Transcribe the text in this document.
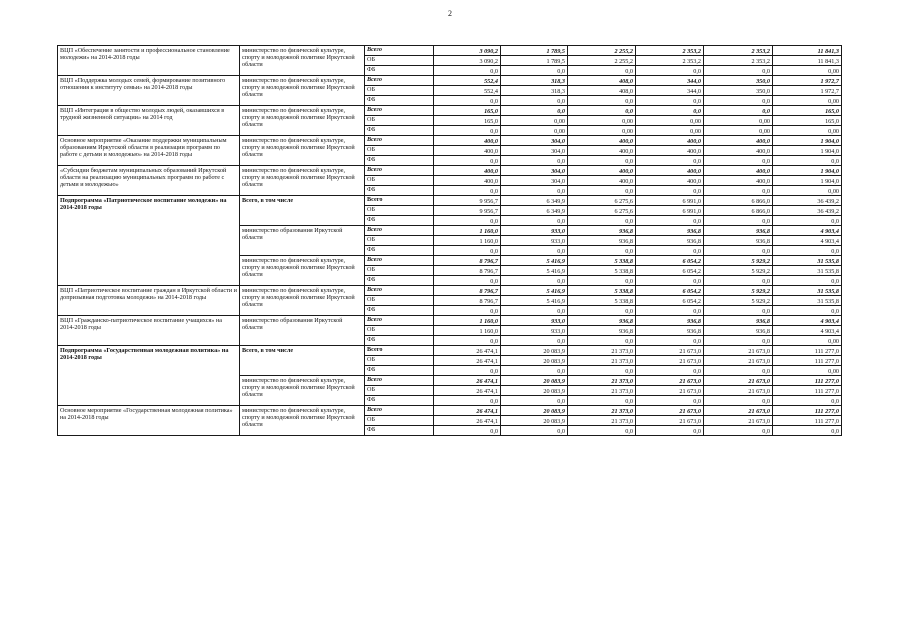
2
ВЦП «Обеспечение занятости и профессиональное становление молодежи» на 2014-2018 годы	министерство по физической культуре, спорту и молодежной политике Иркутской области	Всего	3 090,2	1 789,5	2 255,2	2 353,2	2 353,2	11 841,3
		ОБ	3 090,2	1 789,5	2 255,2	2 353,2	2 353,2	11 841,3
		ФБ	0,0	0,0	0,0	0,0	0,0	0,00
ВЦП «Поддержка молодых семей, формирование позитивного отношения к институту семьи» на 2014-2018 годы	министерство по физической культуре, спорту и молодежной политике Иркутской области	Всего	552,4	318,3	408,0	344,0	350,0	1 972,7
		ОБ	552,4	318,3	408,0	344,0	350,0	1 972,7
		ФБ	0,0	0,0	0,0	0,0	0,0	0,00
ВЦП «Интеграция в общество молодых людей, оказавшихся в трудной жизненной ситуации» на 2014 год	министерство по физической культуре, спорту и молодежной политике Иркутской области	Всего	165,0	0,0	0,0	0,0	0,0	165,0
		ОБ	165,0	0,00	0,00	0,00	0,00	165,0
		ФБ	0,0	0,00	0,00	0,00	0,00	0,00
Основное мероприятие «Оказание поддержки муниципальным образованиям Иркутской области в реализации программ по работе с детьми и молодежью» на 2014-2018 годы	министерство по физической культуре, спорту и молодежной политике Иркутской области	Всего	400,0	304,0	400,0	400,0	400,0	1 904,0
		ОБ	400,0	304,0	400,0	400,0	400,0	1 904,0
		ФБ	0,0	0,0	0,0	0,0	0,0	0,0
«Субсидии бюджетам муниципальных образований Иркутской области на реализацию муниципальных программ по работе с детьми и молодежью»	министерство по физической культуре, спорту и молодежной политике Иркутской области	Всего	400,0	304,0	400,0	400,0	400,0	1 904,0
		ОБ	400,0	304,0	400,0	400,0	400,0	1 904,0
		ФБ	0,0	0,0	0,0	0,0	0,0	0,00
Подпрограмма «Патриотическое воспитание молодежи» на 2014-2018 годы	Всего, в том числе	Всего	9 956,7	6 349,9	6 275,6	6 991,0	6 866,0	36 439,2
		ОБ	9 956,7	6 349,9	6 275,6	6 991,0	6 866,0	36 439,2
		ФБ	0,0	0,0	0,0	0,0	0,0	0,0
	министерство образования Иркутской области	Всего	1 160,0	933,0	936,8	936,8	936,8	4 903,4
		ОБ	1 160,0	933,0	936,8	936,8	936,8	4 903,4
		ФБ	0,0	0,0	0,0	0,0	0,0	0,0
	министерство по физической культуре, спорту и молодежной политике Иркутской области	Всего	8 796,7	5 416,9	5 338,8	6 054,2	5 929,2	31 535,8
		ОБ	8 796,7	5 416,9	5 338,8	6 054,2	5 929,2	31 535,8
		ФБ	0,0	0,0	0,0	0,0	0,0	0,0
ВЦП «Патриотическое воспитание граждан в Иркутской области и допризывная подготовка молодежи» на 2014-2018 годы	министерство по физической культуре, спорту и молодежной политике Иркутской области	Всего	8 796,7	5 416,9	5 338,8	6 054,2	5 929,2	31 535,8
		ОБ	8 796,7	5 416,9	5 338,8	6 054,2	5 929,2	31 535,8
		ФБ	0,0	0,0	0,0	0,0	0,0	0,0
ВЦП «Гражданско-патриотическое воспитание учащихся» на 2014-2018 годы	министерство образования Иркутской области	Всего	1 160,0	933,0	936,8	936,8	936,8	4 903,4
		ОБ	1 160,0	933,0	936,8	936,8	936,8	4 903,4
		ФБ	0,0	0,0	0,0	0,0	0,0	0,00
Подпрограмма «Государственная молодежная политика» на 2014-2018 годы	Всего, в том числе	Всего	26 474,1	20 083,9	21 373,0	21 673,0	21 673,0	111 277,0
		ОБ	26 474,1	20 083,9	21 373,0	21 673,0	21 673,0	111 277,0
		ФБ	0,0	0,0	0,0	0,0	0,0	0,00
	министерство по физической культуре, спорту и молодежной политике Иркутской области	Всего	26 474,1	20 083,9	21 373,0	21 673,0	21 673,0	111 277,0
		ОБ	26 474,1	20 083,9	21 373,0	21 673,0	21 673,0	111 277,0
		ФБ	0,0	0,0	0,0	0,0	0,0	0,0
Основное мероприятие «Государственная молодежная политика» на 2014-2018 годы	министерство по физической культуре, спорту и молодежной политике Иркутской области	Всего	26 474,1	20 083,9	21 373,0	21 673,0	21 673,0	111 277,0
		ОБ	26 474,1	20 083,9	21 373,0	21 673,0	21 673,0	111 277,0
		ФБ	0,0	0,0	0,0	0,0	0,0	0,0
